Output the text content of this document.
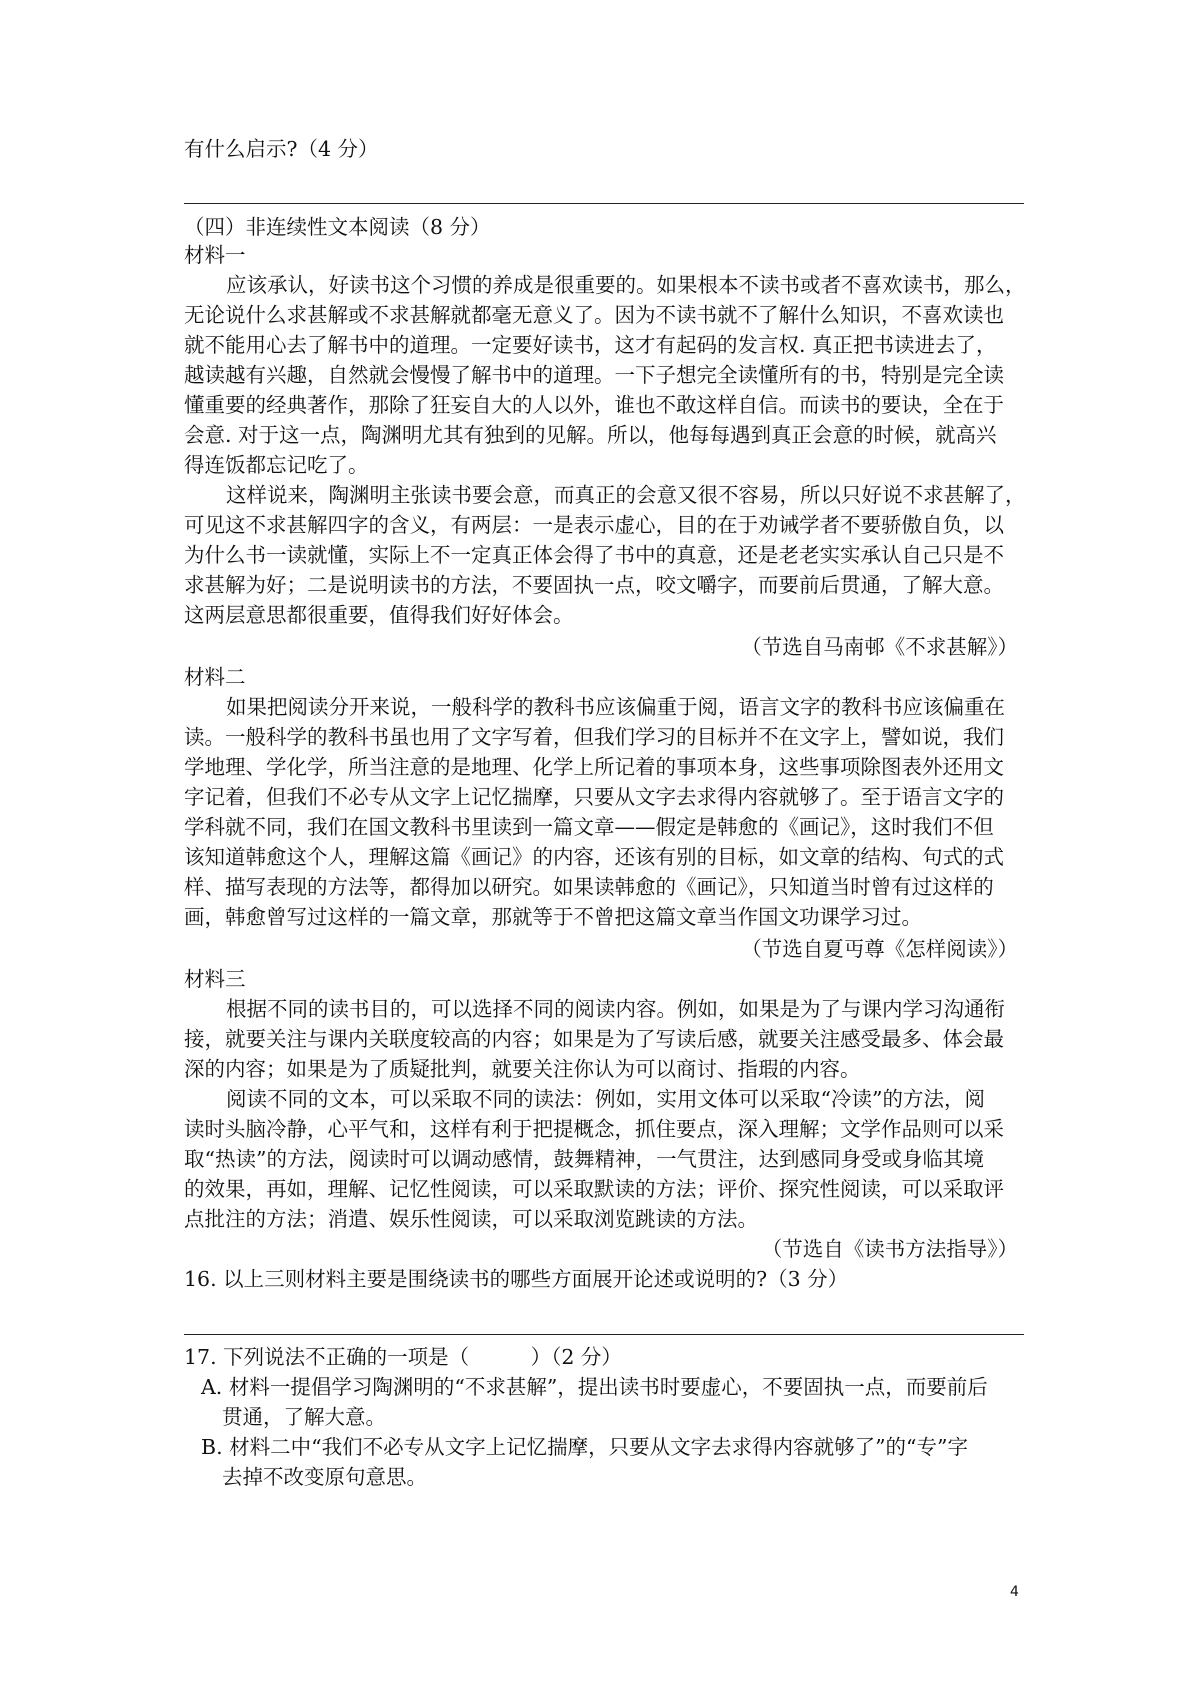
有什么启示?（4 分）
（四）非连续性文本阅读（8 分）
材料一
应该承认，好读书这个习惯的养成是很重要的。如果根本不读书或者不喜欢读书，那么，
无论说什么求甚解或不求甚解就都毫无意义了。因为不读书就不了解什么知识，不喜欢读也
就不能用心去了解书中的道理。一定要好读书，这才有起码的发言权. 真正把书读进去了，
越读越有兴趣，自然就会慢慢了解书中的道理。一下子想完全读懂所有的书，特别是完全读
懂重要的经典著作，那除了狂妄自大的人以外，谁也不敢这样自信。而读书的要诀，全在于
会意. 对于这一点，陶渊明尤其有独到的见解。所以，他每每遇到真正会意的时候，就高兴
得连饭都忘记吃了。
这样说来，陶渊明主张读书要会意，而真正的会意又很不容易，所以只好说不求甚解了，
可见这不求甚解四字的含义，有两层：一是表示虚心，目的在于劝诫学者不要骄傲自负，以
为什么书一读就懂，实际上不一定真正体会得了书中的真意，还是老老实实承认自己只是不
求甚解为好；二是说明读书的方法，不要固执一点，咬文嚼字，而要前后贯通，了解大意。
这两层意思都很重要，值得我们好好体会。
（节选自马南邨《不求甚解》）
材料二
如果把阅读分开来说，一般科学的教科书应该偏重于阅，语言文字的教科书应该偏重在
读。一般科学的教科书虽也用了文字写着，但我们学习的目标并不在文字上，譬如说，我们
学地理、学化学，所当注意的是地理、化学上所记着的事项本身，这些事项除图表外还用文
字记着，但我们不必专从文字上记忆揣摩，只要从文字去求得内容就够了。至于语言文字的
学科就不同，我们在国文教科书里读到一篇文章——假定是韩愈的《画记》，这时我们不但
该知道韩愈这个人，理解这篇《画记》的内容，还该有别的目标，如文章的结构、句式的式
样、描写表现的方法等，都得加以研究。如果读韩愈的《画记》，只知道当时曾有过这样的
画，韩愈曾写过这样的一篇文章，那就等于不曾把这篇文章当作国文功课学习过。
（节选自夏丏尊《怎样阅读》）
材料三
根据不同的读书目的，可以选择不同的阅读内容。例如，如果是为了与课内学习沟通衔
接，就要关注与课内关联度较高的内容；如果是为了写读后感，就要关注感受最多、体会最
深的内容；如果是为了质疑批判，就要关注你认为可以商讨、指瑕的内容。
阅读不同的文本，可以采取不同的读法：例如，实用文体可以采取“冷读”的方法，阅
读时头脑冷静，心平气和，这样有利于把提概念，抓住要点，深入理解；文学作品则可以采
取“热读”的方法，阅读时可以调动感情，鼓舞精神，一气贯注，达到感同身受或身临其境
的效果，再如，理解、记忆性阅读，可以采取默读的方法；评价、探究性阅读，可以采取评
点批注的方法；消遣、娱乐性阅读，可以采取浏览跳读的方法。
（节选自《读书方法指导》）
16. 以上三则材料主要是围绕读书的哪些方面展开论述或说明的?（3 分）
17. 下列说法不正确的一项是（　　　）（2 分）
A. 材料一提倡学习陶渊明的“不求甚解”，提出读书时要虚心，不要固执一点，而要前后
贯通，了解大意。
B. 材料二中“我们不必专从文字上记忆揣摩，只要从文字去求得内容就够了”的“专”字
去掉不改变原句意思。
4
